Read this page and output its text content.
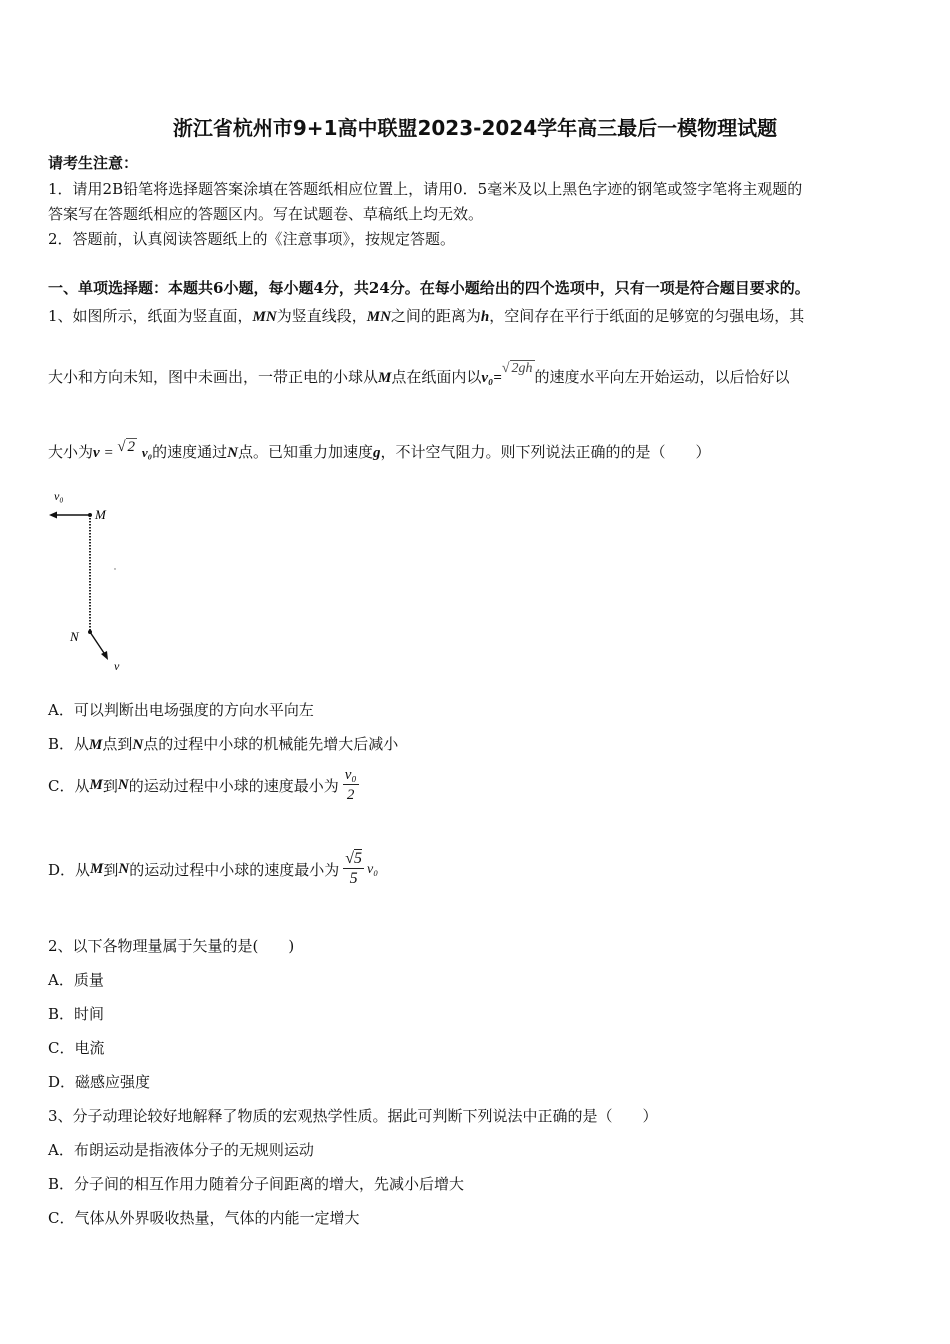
浙江省杭州市9+1高中联盟2023-2024学年高三最后一模物理试题
请考生注意：
1．请用2B铅笔将选择题答案涂填在答题纸相应位置上，请用0．5毫米及以上黑色字迹的钢笔或签字笔将主观题的
答案写在答题纸相应的答题区内。写在试题卷、草稿纸上均无效。
2．答题前，认真阅读答题纸上的《注意事项》，按规定答题。
一、单项选择题：本题共6小题，每小题4分，共24分。在每小题给出的四个选项中，只有一项是符合题目要求的。
1、如图所示，纸面为竖直面，MN为竖直线段，MN之间的距离为h，空间存在平行于纸面的足够宽的匀强电场，其
大小和方向未知，图中未画出，一带正电的小球从M点在纸面内以v₀=√ 2gh 的速度水平向左开始运动，以后恰好以
大小为v = √ 2 v₀的速度通过N点。已知重力加速度g，不计空气阻力。则下列说法正确的的是（　　）
v₀
M
N
v
A．可以判断出电场强度的方向水平向左
B．从M点到N点的过程中小球的机械能先增大后减小
C．从M到N的运动过程中小球的速度最小为 $\frac{\text{v₀}}{2}$
D．从M到N的运动过程中小球的速度最小为 $\frac{√5}{5} v_0$
2、以下各物理量属于矢量的是(　　)
A．质量
B．时间
C．电流
D．磁感应强度
3、分子动理论较好地解释了物质的宏观热学性质。据此可判断下列说法中正确的是（　　）
A．布朗运动是指液体分子的无规则运动
B．分子间的相互作用力随着分子间距离的增大，先减小后增大
C．气体从外界吸收热量，气体的内能一定增大
